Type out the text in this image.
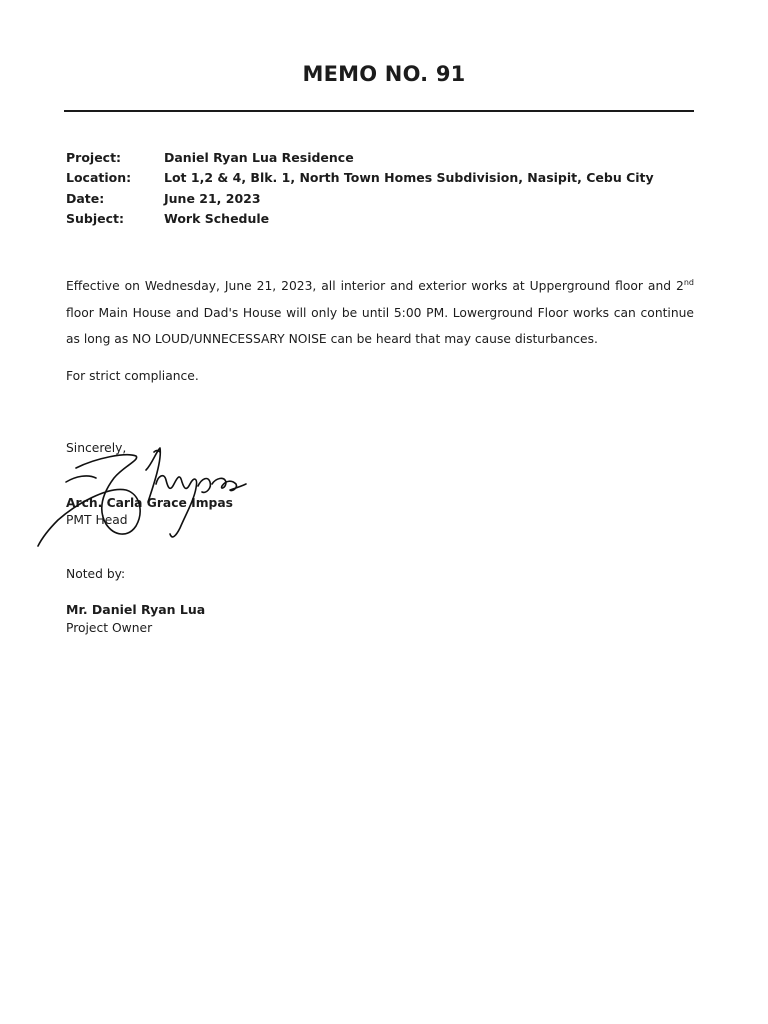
MEMO NO. 91
Project:	Daniel Ryan Lua Residence
Location:	Lot 1,2 & 4, Blk. 1, North Town Homes Subdivision, Nasipit, Cebu City
Date:	June 21, 2023
Subject:	Work Schedule

Effective on Wednesday, June 21, 2023, all interior and exterior works at Upperground floor and 2nd floor Main House and Dad's House will only be until 5:00 PM. Lowerground Floor works can continue as long as NO LOUD/UNNECESSARY NOISE can be heard that may cause disturbances.

For strict compliance.
Sincerely,
Arch. Carla Grace Impas
PMT Head
Noted by:
Mr. Daniel Ryan Lua
Project Owner
